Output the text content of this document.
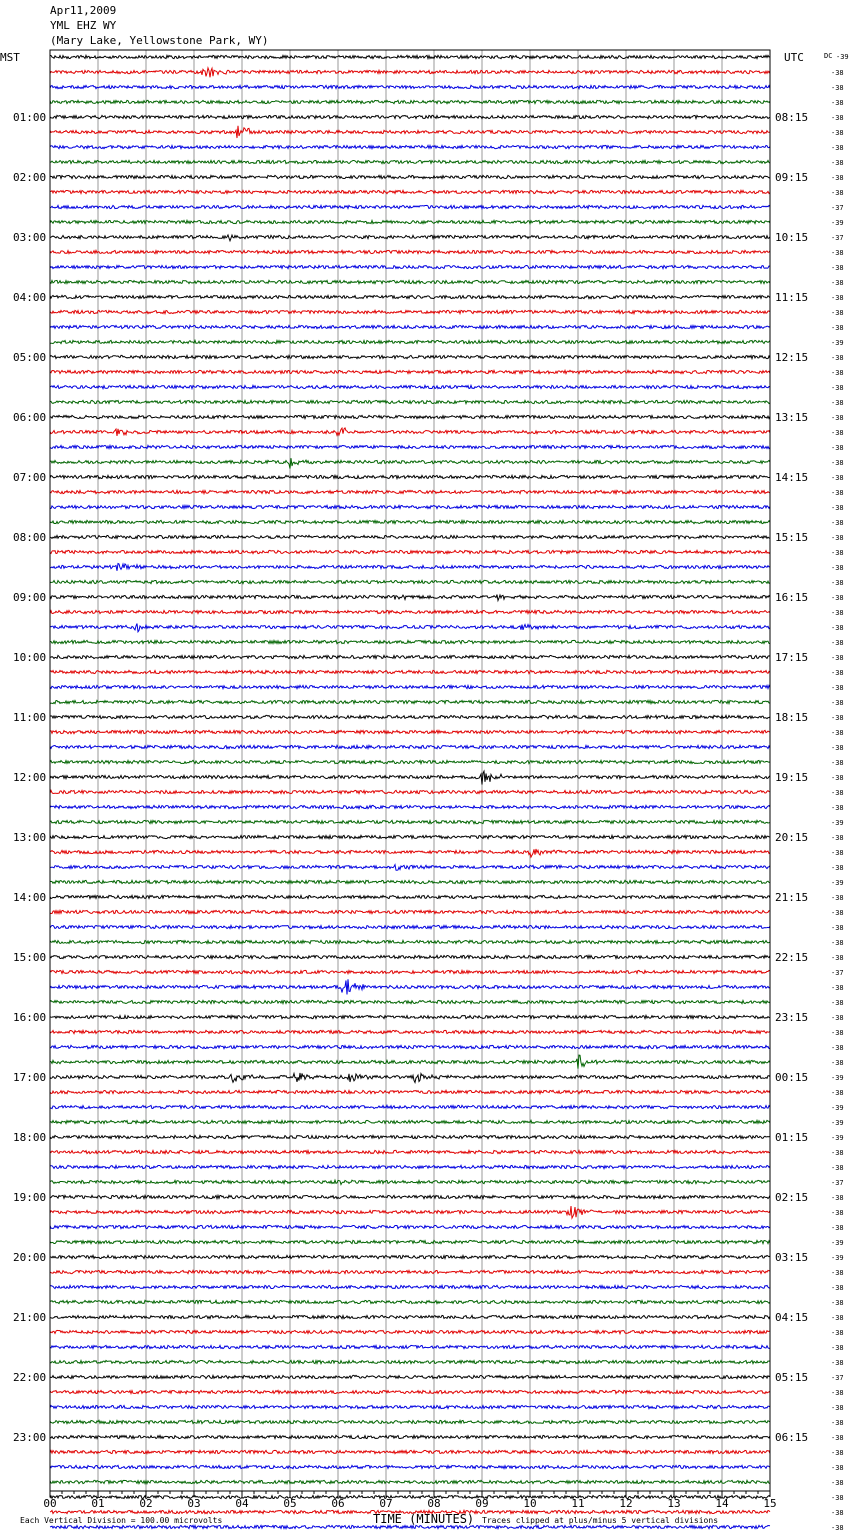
Apr11,2009
YML EHZ WY
(Mary Lake, Yellowstone Park, WY)
01:00
02:00
03:00
04:00
05:00
06:00
07:00
08:00
09:00
10:00
11:00
12:00
13:00
14:00
15:00
16:00
17:00
18:00
19:00
20:00
21:00
22:00
23:00
08:15
09:15
10:15
11:15
12:15
13:15
14:15
15:15
16:15
17:15
18:15
19:15
20:15
21:15
22:15
23:15
00:15
01:15
02:15
03:15
04:15
05:15
06:15
-39
-38
-38
-38
-38
-38
-38
-38
-38
-38
-37
-39
-37
-38
-38
-38
-38
-38
-38
-39
-38
-38
-38
-38
-38
-38
-38
-38
-38
-38
-38
-38
-38
-38
-38
-38
-38
-38
-38
-38
-38
-38
-38
-38
-38
-38
-38
-38
-38
-38
-38
-39
-38
-38
-38
-39
-38
-38
-38
-38
-38
-37
-38
-38
-38
-38
-38
-38
-39
-38
-39
-39
-39
-38
-38
-37
-38
-38
-38
-39
-39
-38
-38
-38
-38
-38
-38
-38
-37
-38
-38
-38
-38
-38
-38
-38
-38
-38
-38
00	01	02	03	04	05	06	07	08	09	10	11	12	13	14	15
MST	UTC	DC
TIME (MINUTES)
Each Vertical Division = 100.00 microvolts	Traces clipped at plus/minus 5 vertical divisions
